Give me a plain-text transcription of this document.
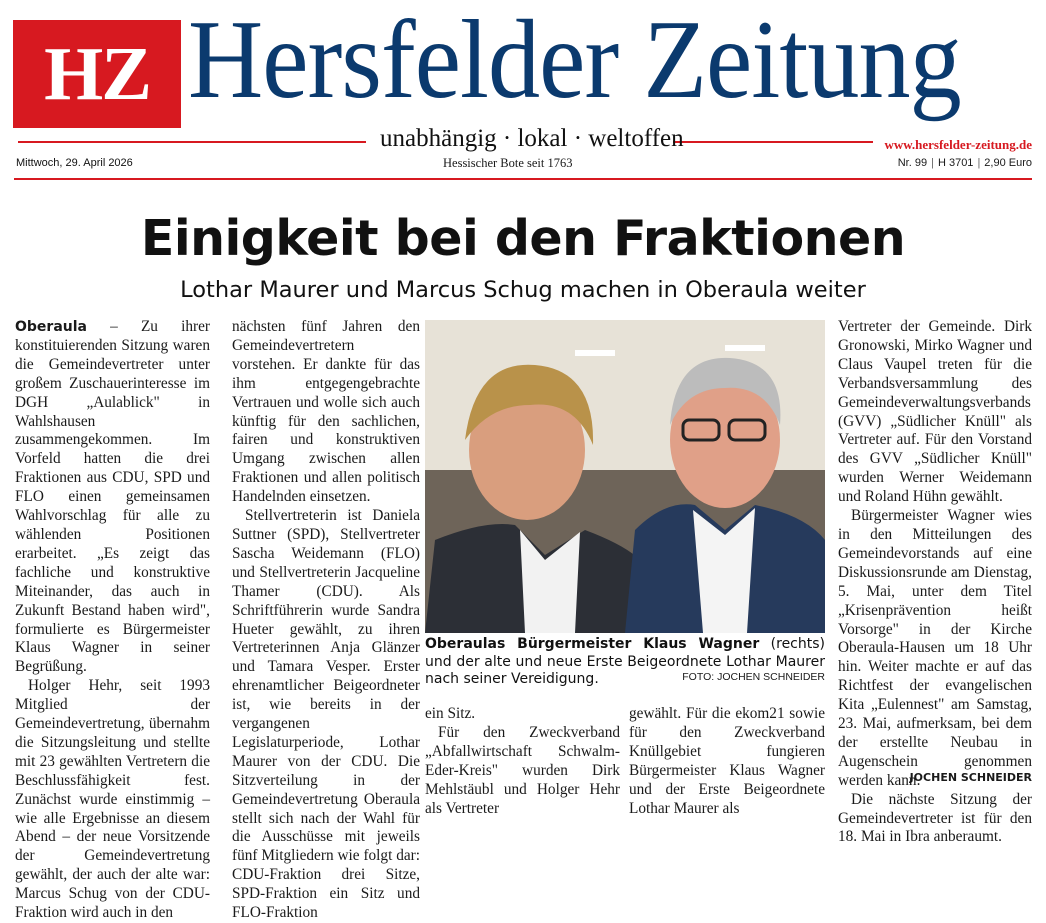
HZ Hersfelder Zeitung
unabhängig · lokal · weltoffen	www.hersfelder-zeitung.de
Mittwoch, 29. April 2026	Hessischer Bote seit 1763	Nr. 99 | H 3701 | 2,90 Euro
Einigkeit bei den Fraktionen
Lothar Maurer und Marcus Schug machen in Oberaula weiter

Oberaula – Zu ihrer konstituierenden Sitzung waren die Gemeindevertreter unter großem Zuschauerinteresse im DGH „Aulablick" in Wahlshausen zusammengekommen. Im Vorfeld hatten die drei Fraktionen aus CDU, SPD und FLO einen gemeinsamen Wahlvorschlag für alle zu wählenden Positionen erarbeitet. „Es zeigt das fachliche und konstruktive Miteinander, das auch in Zukunft Bestand haben wird", formulierte es Bürgermeister Klaus Wagner in seiner Begrüßung.

Holger Hehr, seit 1993 Mitglied der Gemeindevertretung, übernahm die Sitzungsleitung und stellte mit 23 gewählten Vertretern die Beschlussfähigkeit fest. Zunächst wurde einstimmig – wie alle Ergebnisse an diesem Abend – der neue Vorsitzende der Gemeindevertretung gewählt, der auch der alte war: Marcus Schug von der CDU-Fraktion wird auch in den

nächsten fünf Jahren den Gemeindevertretern vorstehen. Er dankte für das ihm entgegengebrachte Vertrauen und wolle sich auch künftig für den sachlichen, fairen und konstruktiven Umgang zwischen allen Fraktionen und allen politisch Handelnden einsetzen.

Stellvertreterin ist Daniela Suttner (SPD), Stellvertreter Sascha Weidemann (FLO) und Stellvertreterin Jacqueline Thamer (CDU). Als Schriftführerin wurde Sandra Hueter gewählt, zu ihren Vertreterinnen Anja Glänzer und Tamara Vesper. Erster ehrenamtlicher Beigeordneter ist, wie bereits in der vergangenen Legislaturperiode, Lothar Maurer von der CDU. Die Sitzverteilung in der Gemeindevertretung Oberaula stellt sich nach der Wahl für die Ausschüsse mit jeweils fünf Mitgliedern wie folgt dar: CDU-Fraktion drei Sitze, SPD-Fraktion ein Sitz und FLO-Fraktion

Oberaulas Bürgermeister Klaus Wagner (rechts) und der alte und neue Erste Beigeordnete Lothar Maurer nach seiner Vereidigung.	FOTO: JOCHEN SCHNEIDER

ein Sitz.

Für den Zweckverband „Abfallwirtschaft Schwalm-Eder-Kreis" wurden Dirk Mehlstäubl und Holger Hehr als Vertreter

gewählt. Für die ekom21 sowie für den Zweckverband Knüllgebiet fungieren Bürgermeister Klaus Wagner und der Erste Beigeordnete Lothar Maurer als

Vertreter der Gemeinde. Dirk Gronowski, Mirko Wagner und Claus Vaupel treten für die Verbandsversammlung des Gemeindeverwaltungsverbands (GVV) „Südlicher Knüll" als Vertreter auf. Für den Vorstand des GVV „Südlicher Knüll" wurden Werner Weidemann und Roland Hühn gewählt.

Bürgermeister Wagner wies in den Mitteilungen des Gemeindevorstands auf eine Diskussionsrunde am Dienstag, 5. Mai, unter dem Titel „Krisenprävention heißt Vorsorge" in der Kirche Oberaula-Hausen um 18 Uhr hin. Weiter machte er auf das Richtfest der evangelischen Kita „Eulennest" am Samstag, 23. Mai, aufmerksam, bei dem der erstellte Neubau in Augenschein genommen werden kann.

Die nächste Sitzung der Gemeindevertreter ist für den 18. Mai in Ibra anberaumt.

JOCHEN SCHNEIDER
